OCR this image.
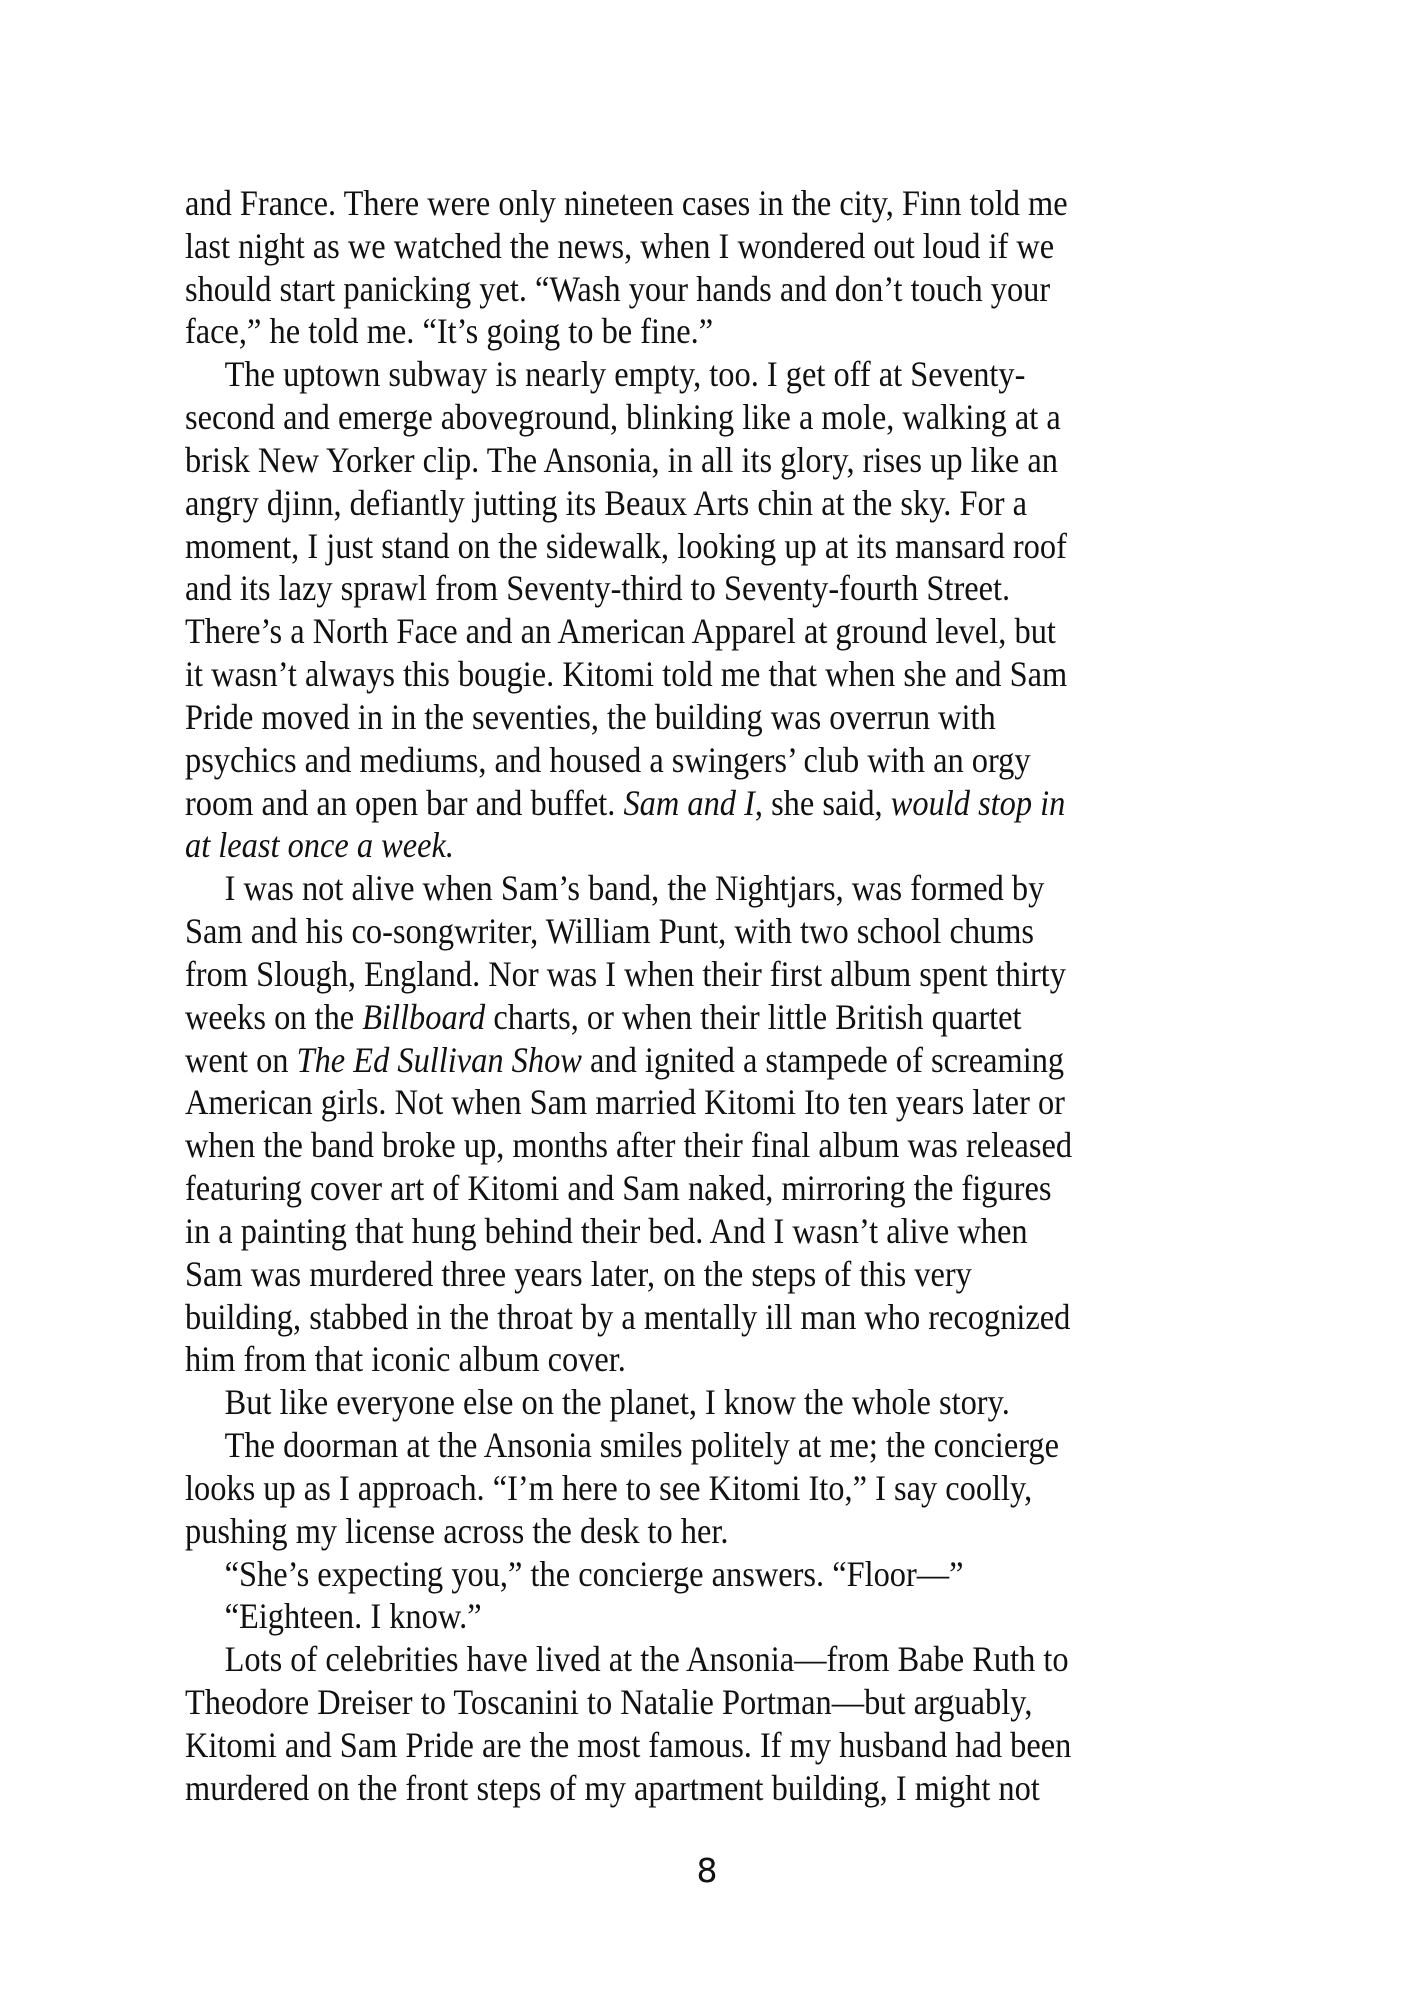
and France. There were only nineteen cases in the city, Finn told me
last night as we watched the news, when I wondered out loud if we
should start panicking yet. “Wash your hands and don’t touch your
face,” he told me. “It’s going to be fine.”
The uptown subway is nearly empty, too. I get off at Seventy-
second and emerge aboveground, blinking like a mole, walking at a
brisk New Yorker clip. The Ansonia, in all its glory, rises up like an
angry djinn, defiantly jutting its Beaux Arts chin at the sky. For a
moment, I just stand on the sidewalk, looking up at its mansard roof
and its lazy sprawl from Seventy-third to Seventy-fourth Street.
There’s a North Face and an American Apparel at ground level, but
it wasn’t always this bougie. Kitomi told me that when she and Sam
Pride moved in in the seventies, the building was overrun with
psychics and mediums, and housed a swingers’ club with an orgy
room and an open bar and buffet. Sam and I, she said, would stop in
at least once a week.
I was not alive when Sam’s band, the Nightjars, was formed by
Sam and his co-songwriter, William Punt, with two school chums
from Slough, England. Nor was I when their first album spent thirty
weeks on the Billboard charts, or when their little British quartet
went on The Ed Sullivan Show and ignited a stampede of screaming
American girls. Not when Sam married Kitomi Ito ten years later or
when the band broke up, months after their final album was released
featuring cover art of Kitomi and Sam naked, mirroring the figures
in a painting that hung behind their bed. And I wasn’t alive when
Sam was murdered three years later, on the steps of this very
building, stabbed in the throat by a mentally ill man who recognized
him from that iconic album cover.
But like everyone else on the planet, I know the whole story.
The doorman at the Ansonia smiles politely at me; the concierge
looks up as I approach. “I’m here to see Kitomi Ito,” I say coolly,
pushing my license across the desk to her.
“She’s expecting you,” the concierge answers. “Floor—”
“Eighteen. I know.”
Lots of celebrities have lived at the Ansonia—from Babe Ruth to
Theodore Dreiser to Toscanini to Natalie Portman—but arguably,
Kitomi and Sam Pride are the most famous. If my husband had been
murdered on the front steps of my apartment building, I might not
8
